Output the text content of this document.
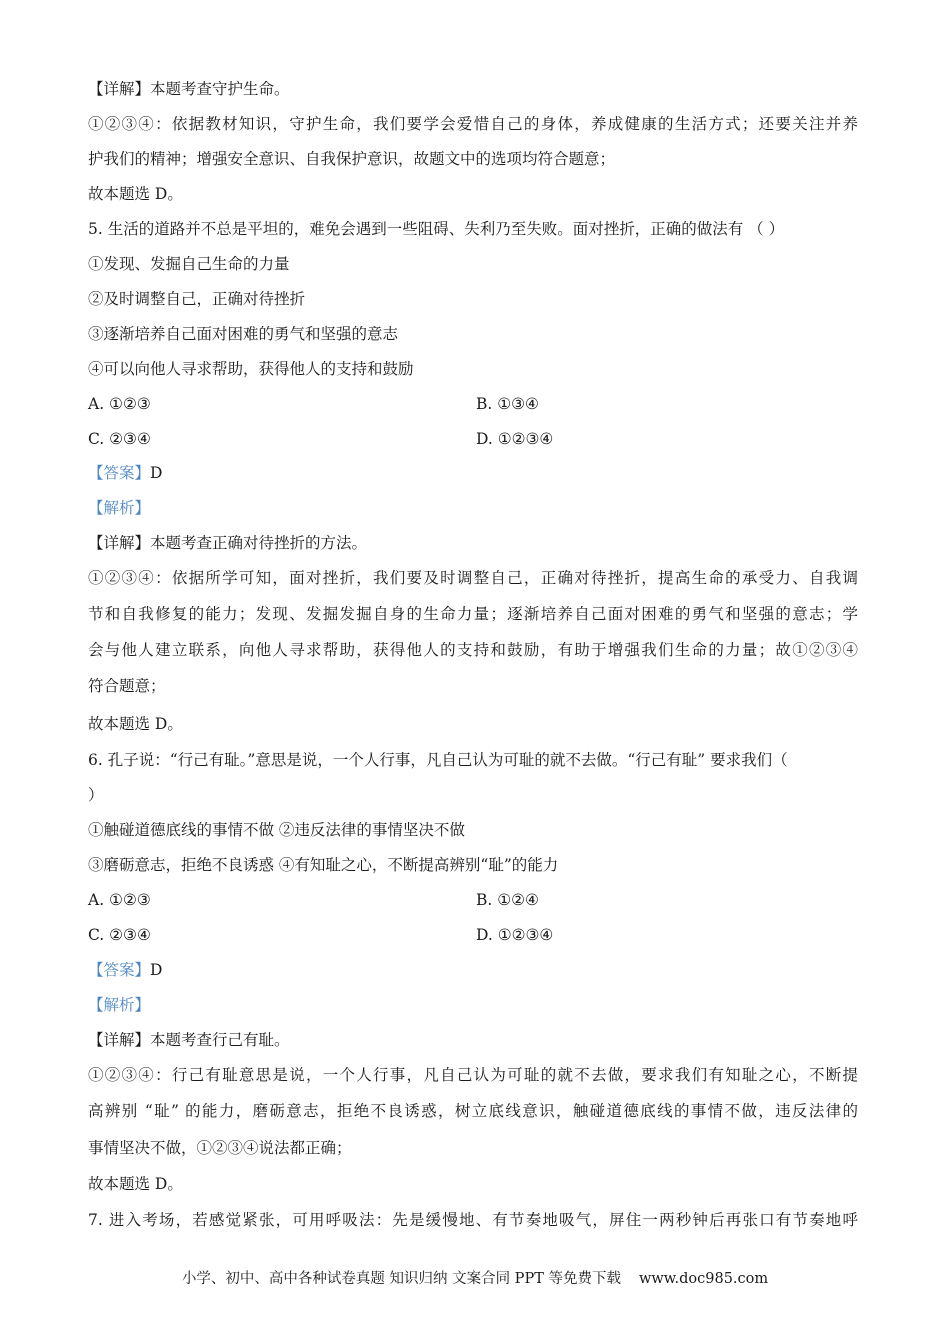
【详解】本题考查守护生命。
①②③④：依据教材知识，守护生命，我们要学会爱惜自己的身体，养成健康的生活方式；还要关注并养
护我们的精神；增强安全意识、自我保护意识，故题文中的选项均符合题意；
故本题选 D。
5. 生活的道路并不总是平坦的，难免会遇到一些阻碍、失利乃至失败。面对挫折，正确的做法有 （ ）
①发现、发掘自己生命的力量
②及时调整自己，正确对待挫折
③逐渐培养自己面对困难的勇气和坚强的意志
④可以向他人寻求帮助，获得他人的支持和鼓励
A. ①②③	B. ①③④
C. ②③④	D. ①②③④
【答案】D
【解析】
【详解】本题考查正确对待挫折的方法。
①②③④：依据所学可知，面对挫折，我们要及时调整自己，正确对待挫折，提高生命的承受力、自我调
节和自我修复的能力；发现、发掘发掘自身的生命力量；逐渐培养自己面对困难的勇气和坚强的意志；学
会与他人建立联系，向他人寻求帮助，获得他人的支持和鼓励，有助于增强我们生命的力量；故①②③④
符合题意；
故本题选 D。
6. 孔子说：“行己有耻。”意思是说，一个人行事，凡自己认为可耻的就不去做。“行己有耻” 要求我们（
）
①触碰道德底线的事情不做 ②违反法律的事情坚决不做
③磨砺意志，拒绝不良诱惑 ④有知耻之心，不断提高辨别“耻”的能力
A. ①②③	B. ①②④
C. ②③④	D. ①②③④
【答案】D
【解析】
【详解】本题考查行己有耻。
①②③④：行己有耻意思是说，一个人行事，凡自己认为可耻的就不去做，要求我们有知耻之心，不断提
高辨别 “耻” 的能力，磨砺意志，拒绝不良诱惑，树立底线意识，触碰道德底线的事情不做，违反法律的
事情坚决不做，①②③④说法都正确；
故本题选 D。
7. 进入考场，若感觉紧张，可用呼吸法：先是缓慢地、有节奏地吸气，屏住一两秒钟后再张口有节奏地呼
小学、初中、高中各种试卷真题 知识归纳 文案合同 PPT 等免费下载 www.doc985.com
